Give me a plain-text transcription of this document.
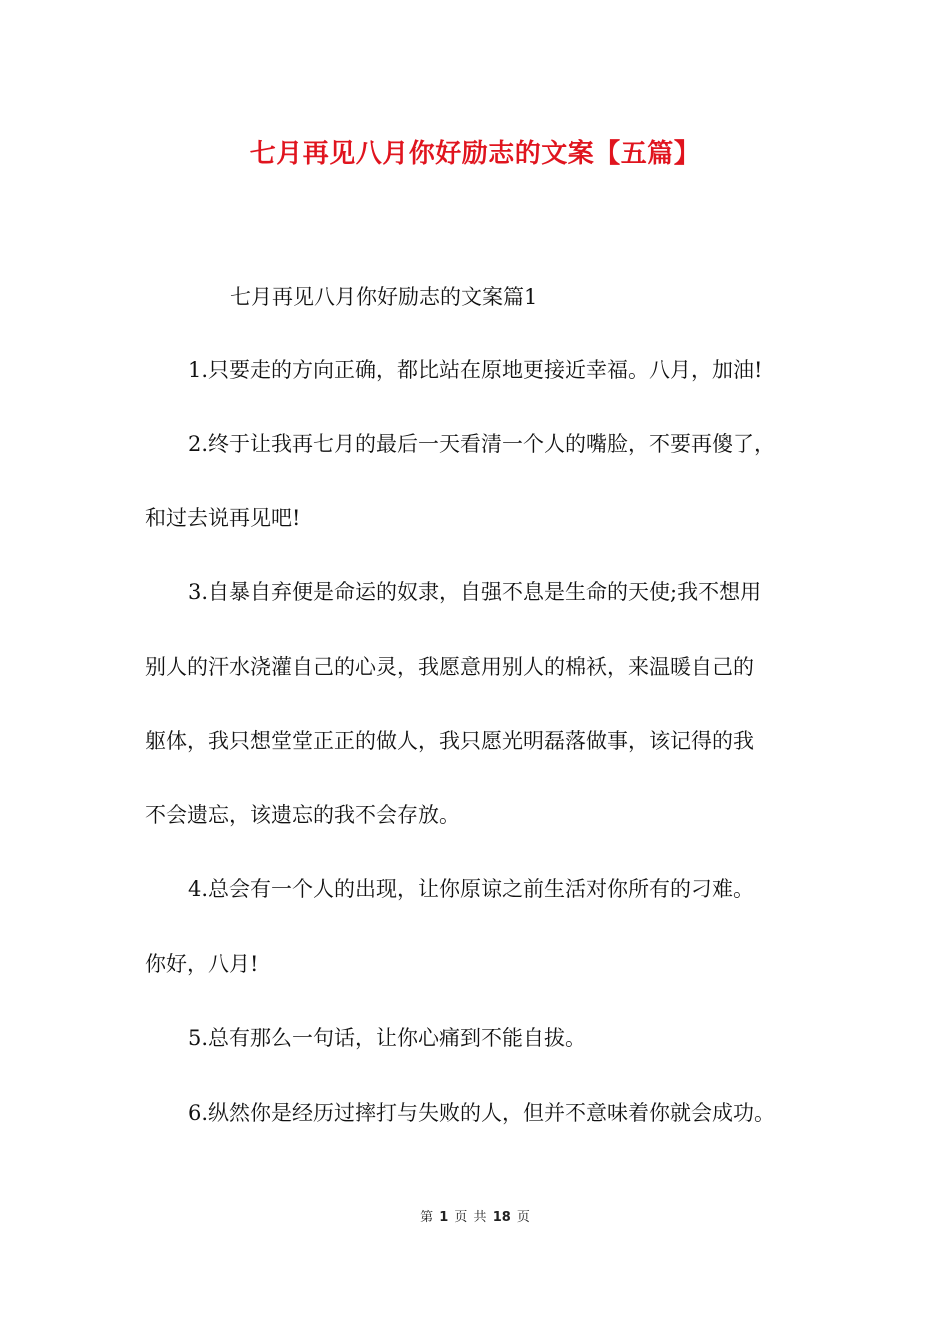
七月再见八月你好励志的文案【五篇】
七月再见八月你好励志的文案篇1
1.只要走的方向正确，都比站在原地更接近幸福。八月，加油!
2.终于让我再七月的最后一天看清一个人的嘴脸，不要再傻了，
和过去说再见吧!
3.自暴自弃便是命运的奴隶，自强不息是生命的天使;我不想用
别人的汗水浇灌自己的心灵，我愿意用别人的棉袄，来温暖自己的
躯体，我只想堂堂正正的做人，我只愿光明磊落做事，该记得的我
不会遗忘，该遗忘的我不会存放。
4.总会有一个人的出现，让你原谅之前生活对你所有的刁难。
你好，八月!
5.总有那么一句话，让你心痛到不能自拔。
6.纵然你是经历过摔打与失败的人，但并不意味着你就会成功。
第 1 页 共 18 页
